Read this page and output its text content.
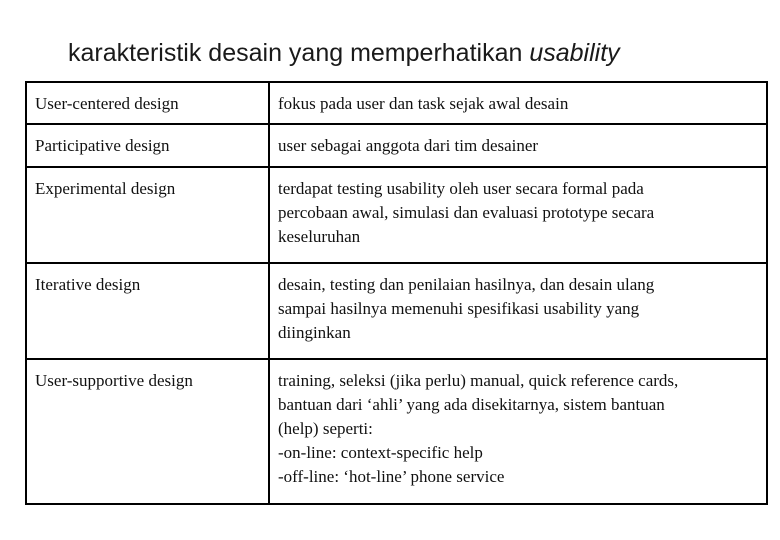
karakteristik desain yang memperhatikan usability
User-centered design	fokus pada user dan task sejak awal desain

Participative design	user sebagai anggota dari tim desainer

Experimental design	terdapat testing usability oleh user secara formal pada
percobaan awal, simulasi dan evaluasi prototype secara
keseluruhan

Iterative design	desain, testing dan penilaian hasilnya, dan desain ulang
sampai hasilnya memenuhi spesifikasi usability yang
diinginkan

User-supportive design	training, seleksi (jika perlu) manual, quick reference cards,
bantuan dari ‘ahli’ yang ada disekitarnya, sistem bantuan
(help) seperti:
-on-line: context-specific help
-off-line: ‘hot-line’ phone service
